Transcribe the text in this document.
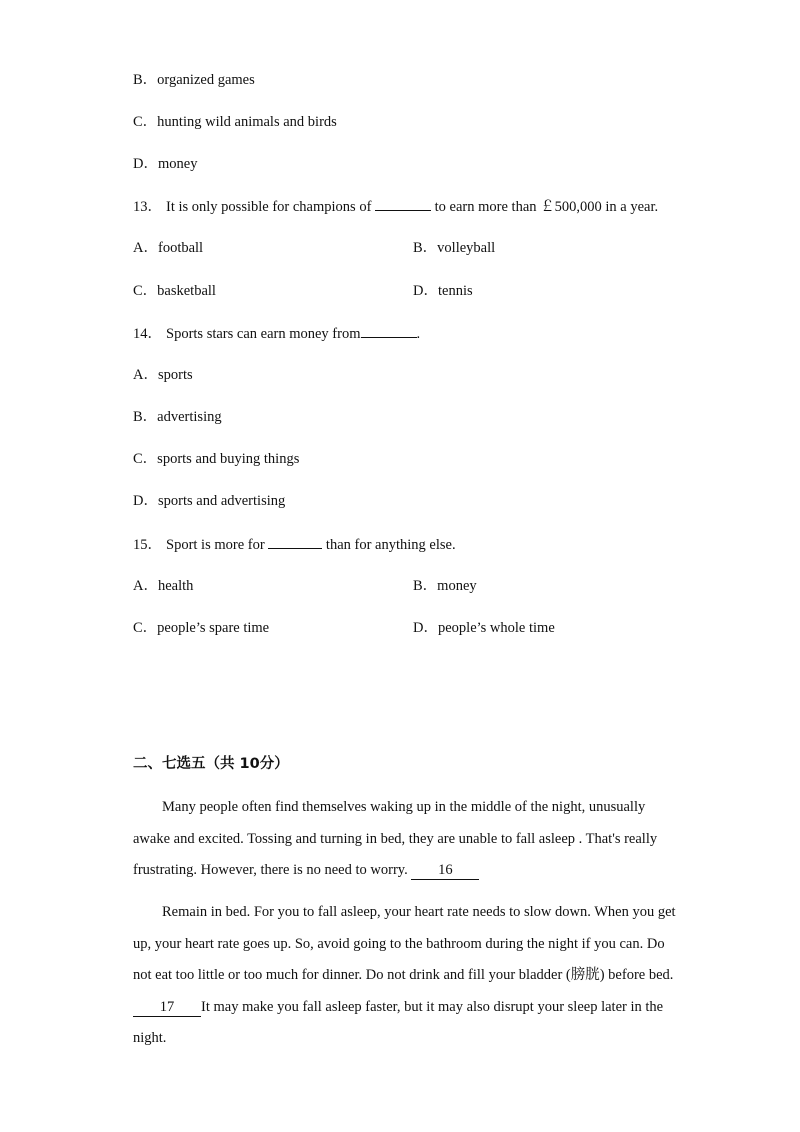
B．organized games
C．hunting wild animals and birds
D．money
13． It is only possible for champions of	to earn more than ￡500,000 in a year.
A．football	B．volleyball
C．basketball	D．tennis
14． Sports stars can earn money from	.
A．sports
B．advertising
C．sports and buying things
D．sports and advertising
15． Sport is more for	than for anything else.
A．health	B．money
C．people’s spare time	D．people’s whole time
二、七选五（共 10分）
Many people often find themselves waking up in the middle of the night, unusually
awake and excited. Tossing and turning in bed, they are unable to fall asleep . That's really
frustrating. However, there is no need to worry. 16
Remain in bed. For you to fall asleep, your heart rate needs to slow down. When you get
up, your heart rate goes up. So, avoid going to the bathroom during the night if you can. Do
not eat too little or too much for dinner. Do not drink and fill your bladder (膀胱) before bed.
17 It may make you fall asleep faster, but it may also disrupt your sleep later in the
night.
